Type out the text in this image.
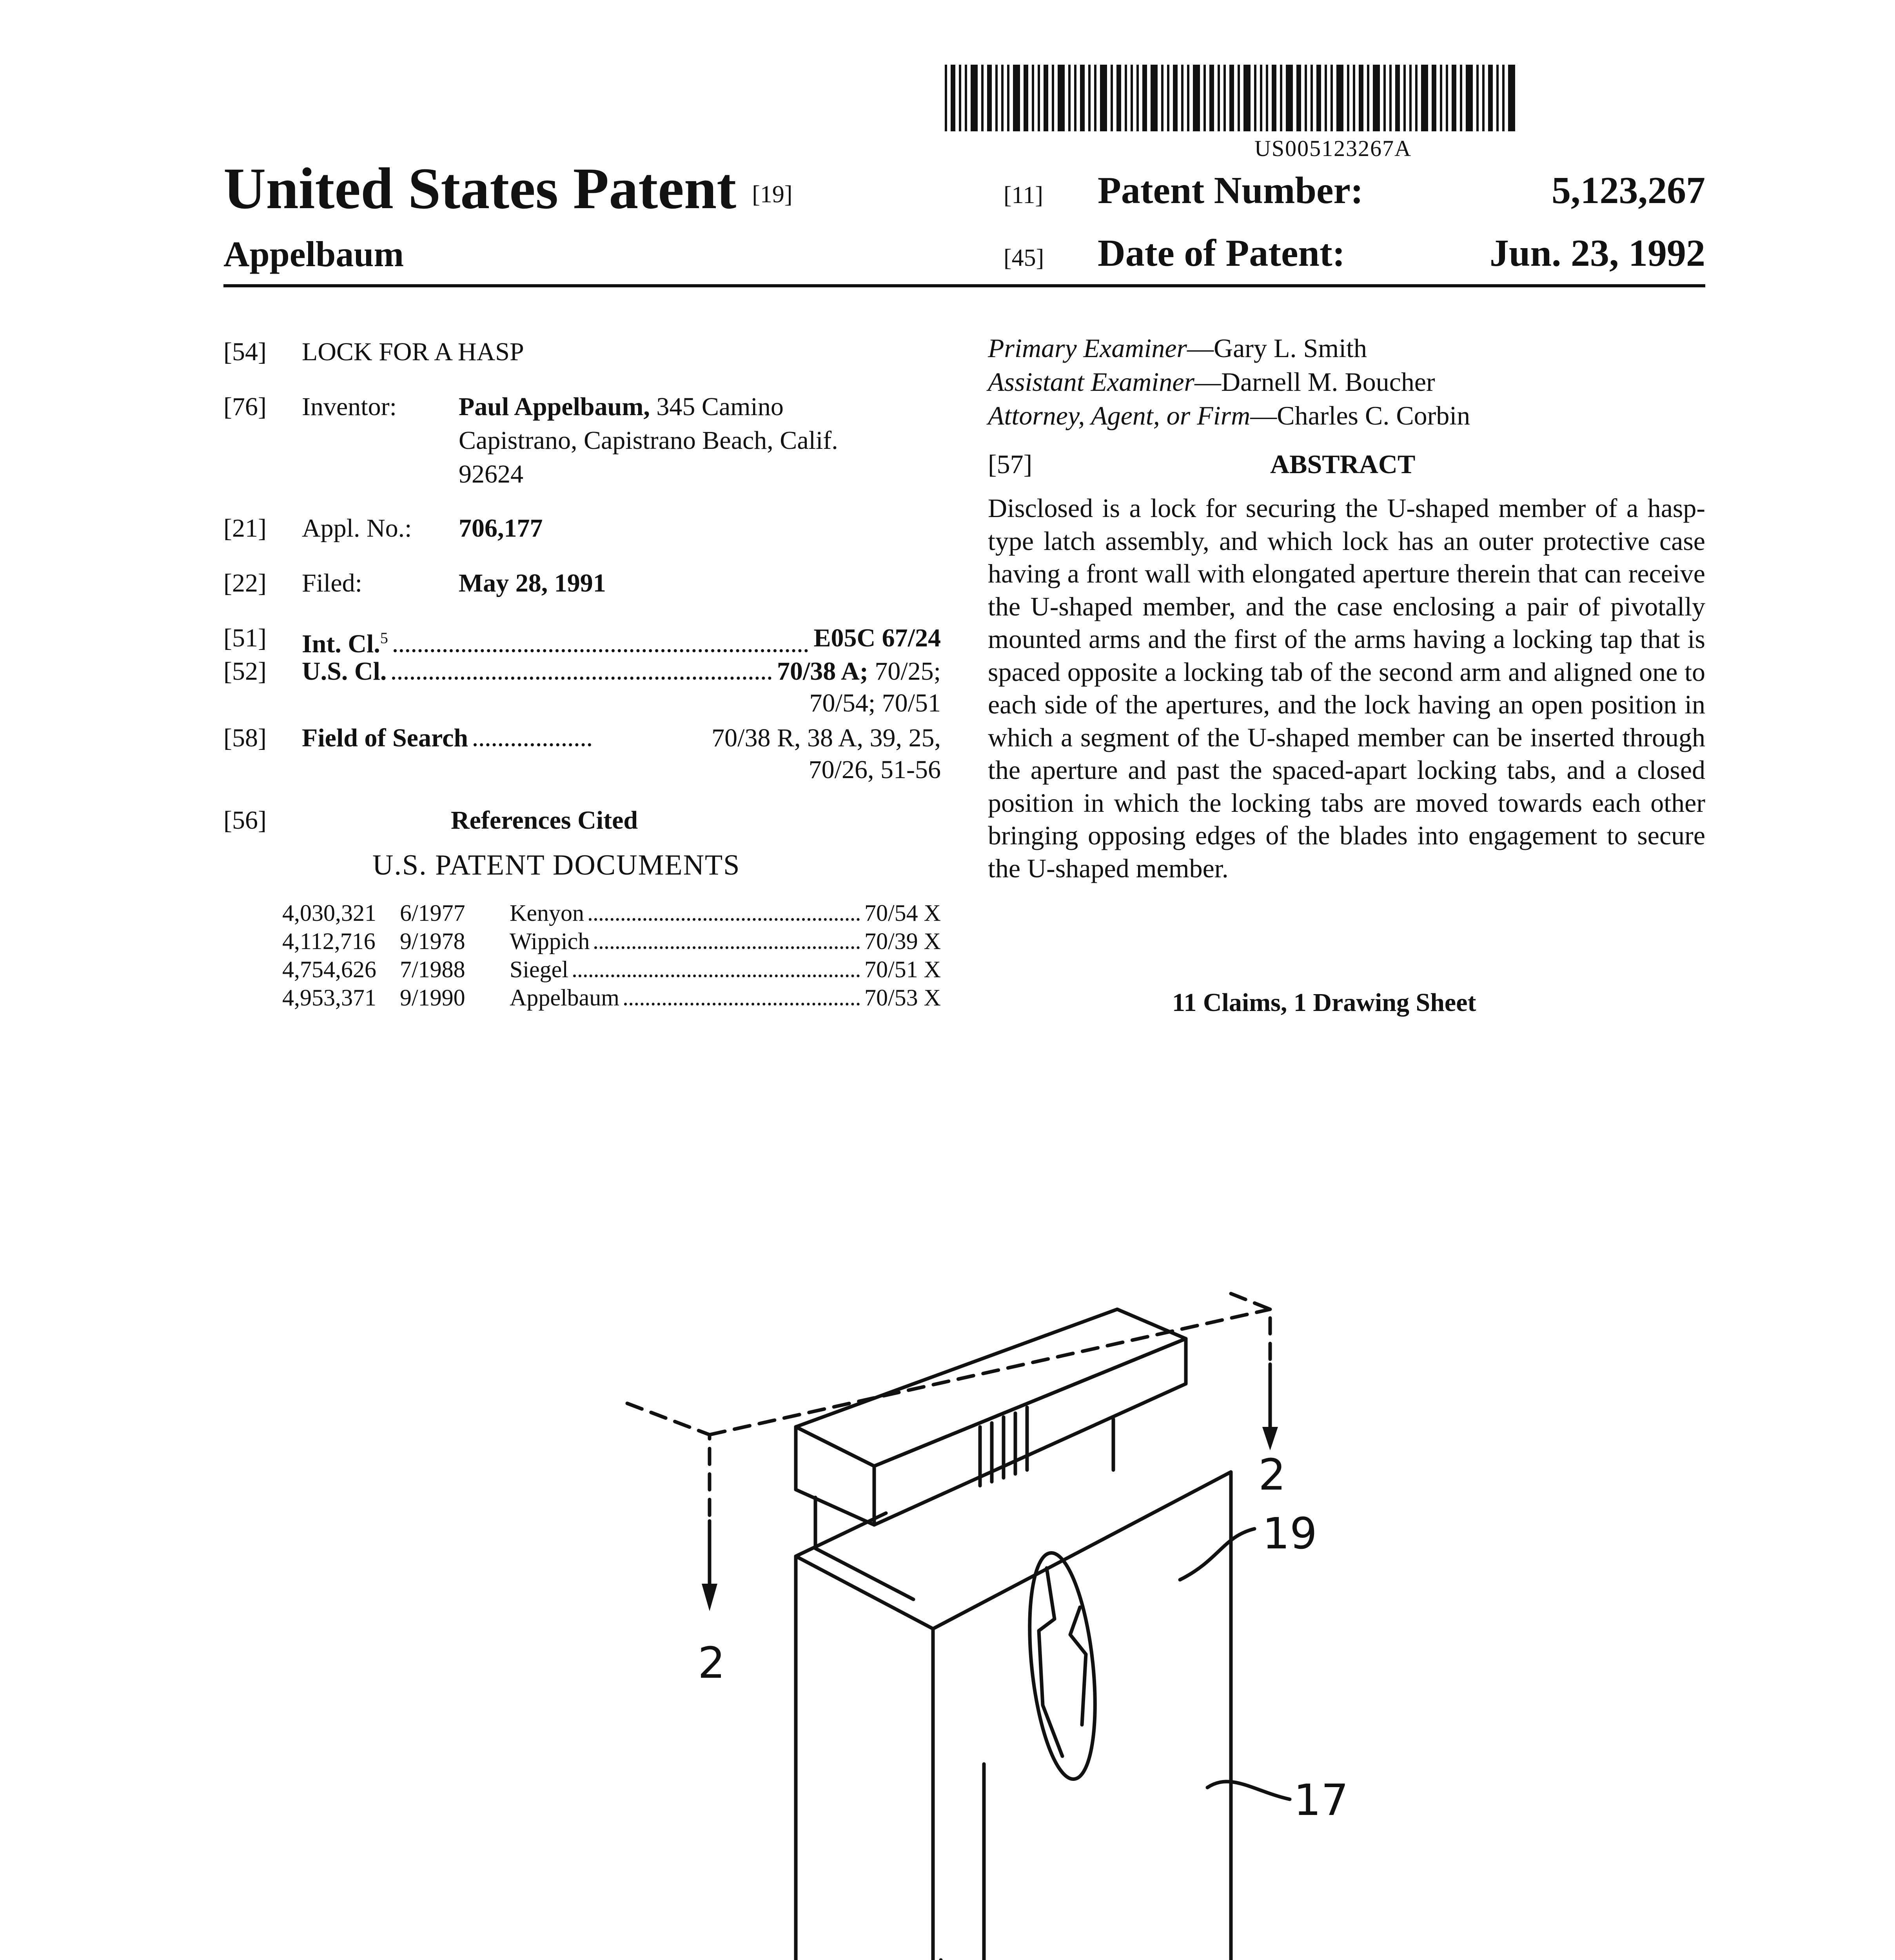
US005123267A
United States Patent [19]
Appelbaum
[11]	Patent Number:	5,123,267
[45]	Date of Patent:	Jun. 23, 1992
[54]	LOCK FOR A HASP
[76]	Inventor:	Paul Appelbaum, 345 Camino
Capistrano, Capistrano Beach, Calif.
92624
[21]	Appl. No.:	706,177
[22]	Filed:	May 28, 1991
[51]	Int. Cl.$^5$	E05C 67/24
[52]	U.S. Cl.	70/38 A; 70/25;
70/54; 70/51
[58]	Field of Search	70/38 R, 38 A, 39, 25,
70/26, 51-56
[56]	References Cited
U.S. PATENT DOCUMENTS
4,030,321	6/1977	Kenyon	70/54 X
4,112,716	9/1978	Wippich	70/39 X
4,754,626	7/1988	Siegel	70/51 X
4,953,371	9/1990	Appelbaum	70/53 X
Primary Examiner—Gary L. Smith
Assistant Examiner—Darnell M. Boucher
Attorney, Agent, or Firm—Charles C. Corbin
[57]	ABSTRACT
Disclosed is a lock for securing the U-shaped member of a hasp-type latch assembly, and which lock has an outer protective case having a front wall with elongated aperture therein that can receive the U-shaped member, and the case enclosing a pair of pivotally mounted arms and the first of the arms having a locking tap that is spaced opposite a locking tab of the second arm and aligned one to each side of the apertures, and the lock having an open position in which a segment of the U-shaped member can be inserted through the aperture and past the spaced-apart locking tabs, and a closed position in which the locking tabs are moved towards each other bringing opposing edges of the blades into engagement to secure the U-shaped member.
11 Claims, 1 Drawing Sheet
2
2
19
17
